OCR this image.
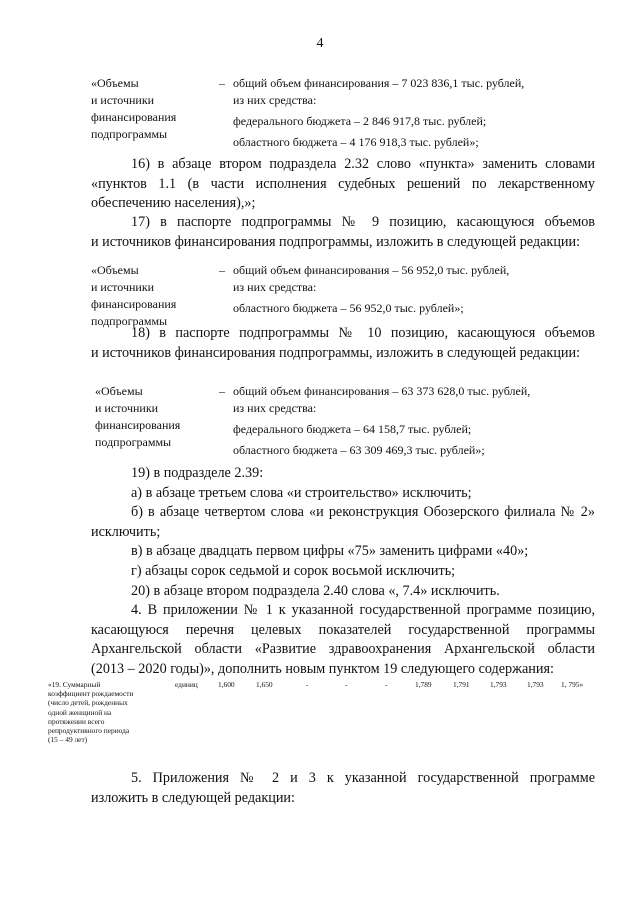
4
«Объемы
и источники
финансирования
подпрограммы
– общий объем финансирования – 7 023 836,1 тыс. рублей,
из них средства:
федерального бюджета – 2 846 917,8 тыс. рублей;
областного бюджета – 4 176 918,3 тыс. рублей»;
16) в абзаце втором подраздела 2.32 слово «пункта» заменить словами
«пунктов 1.1 (в части исполнения судебных решений по лекарственному
обеспечению населения),»;
17) в паспорте подпрограммы № 9 позицию, касающуюся объемов
и источников финансирования подпрограммы, изложить в следующей редакции:
«Объемы
и источники
финансирования
подпрограммы
– общий объем финансирования – 56 952,0 тыс. рублей,
из них средства:
областного бюджета – 56 952,0 тыс. рублей»;
18) в паспорте подпрограммы № 10 позицию, касающуюся объемов
и источников финансирования подпрограммы, изложить в следующей редакции:
«Объемы
и источники
финансирования
подпрограммы
– общий объем финансирования – 63 373 628,0 тыс. рублей,
из них средства:
федерального бюджета – 64 158,7 тыс. рублей;
областного бюджета – 63 309 469,3 тыс. рублей»;
19) в подразделе 2.39:
а) в абзаце третьем слова «и строительство» исключить;
б) в абзаце четвертом слова «и реконструкция Обозерского филиала № 2»
исключить;
в) в абзаце двадцать первом цифры «75» заменить цифрами «40»;
г) абзацы сорок седьмой и сорок восьмой исключить;
20) в абзаце втором подраздела 2.40 слова «, 7.4» исключить.
4. В приложении № 1 к указанной государственной программе позицию,
касающуюся перечня целевых показателей государственной программы
Архангельской области «Развитие здравоохранения Архангельской области
(2013 – 2020 годы)», дополнить новым пунктом 19 следующего содержания:
«19. Суммарный
коэффициент рождаемости
(число детей, рожденных
одной женщиной на
протяжении всего
репродуктивного периода
(15 – 49 лет)
единиц	1,600	1,650	-	-	-	1,789	1,791	1,793	1,793 1, 795»
5. Приложения № 2 и 3 к указанной государственной программе
изложить в следующей редакции:
